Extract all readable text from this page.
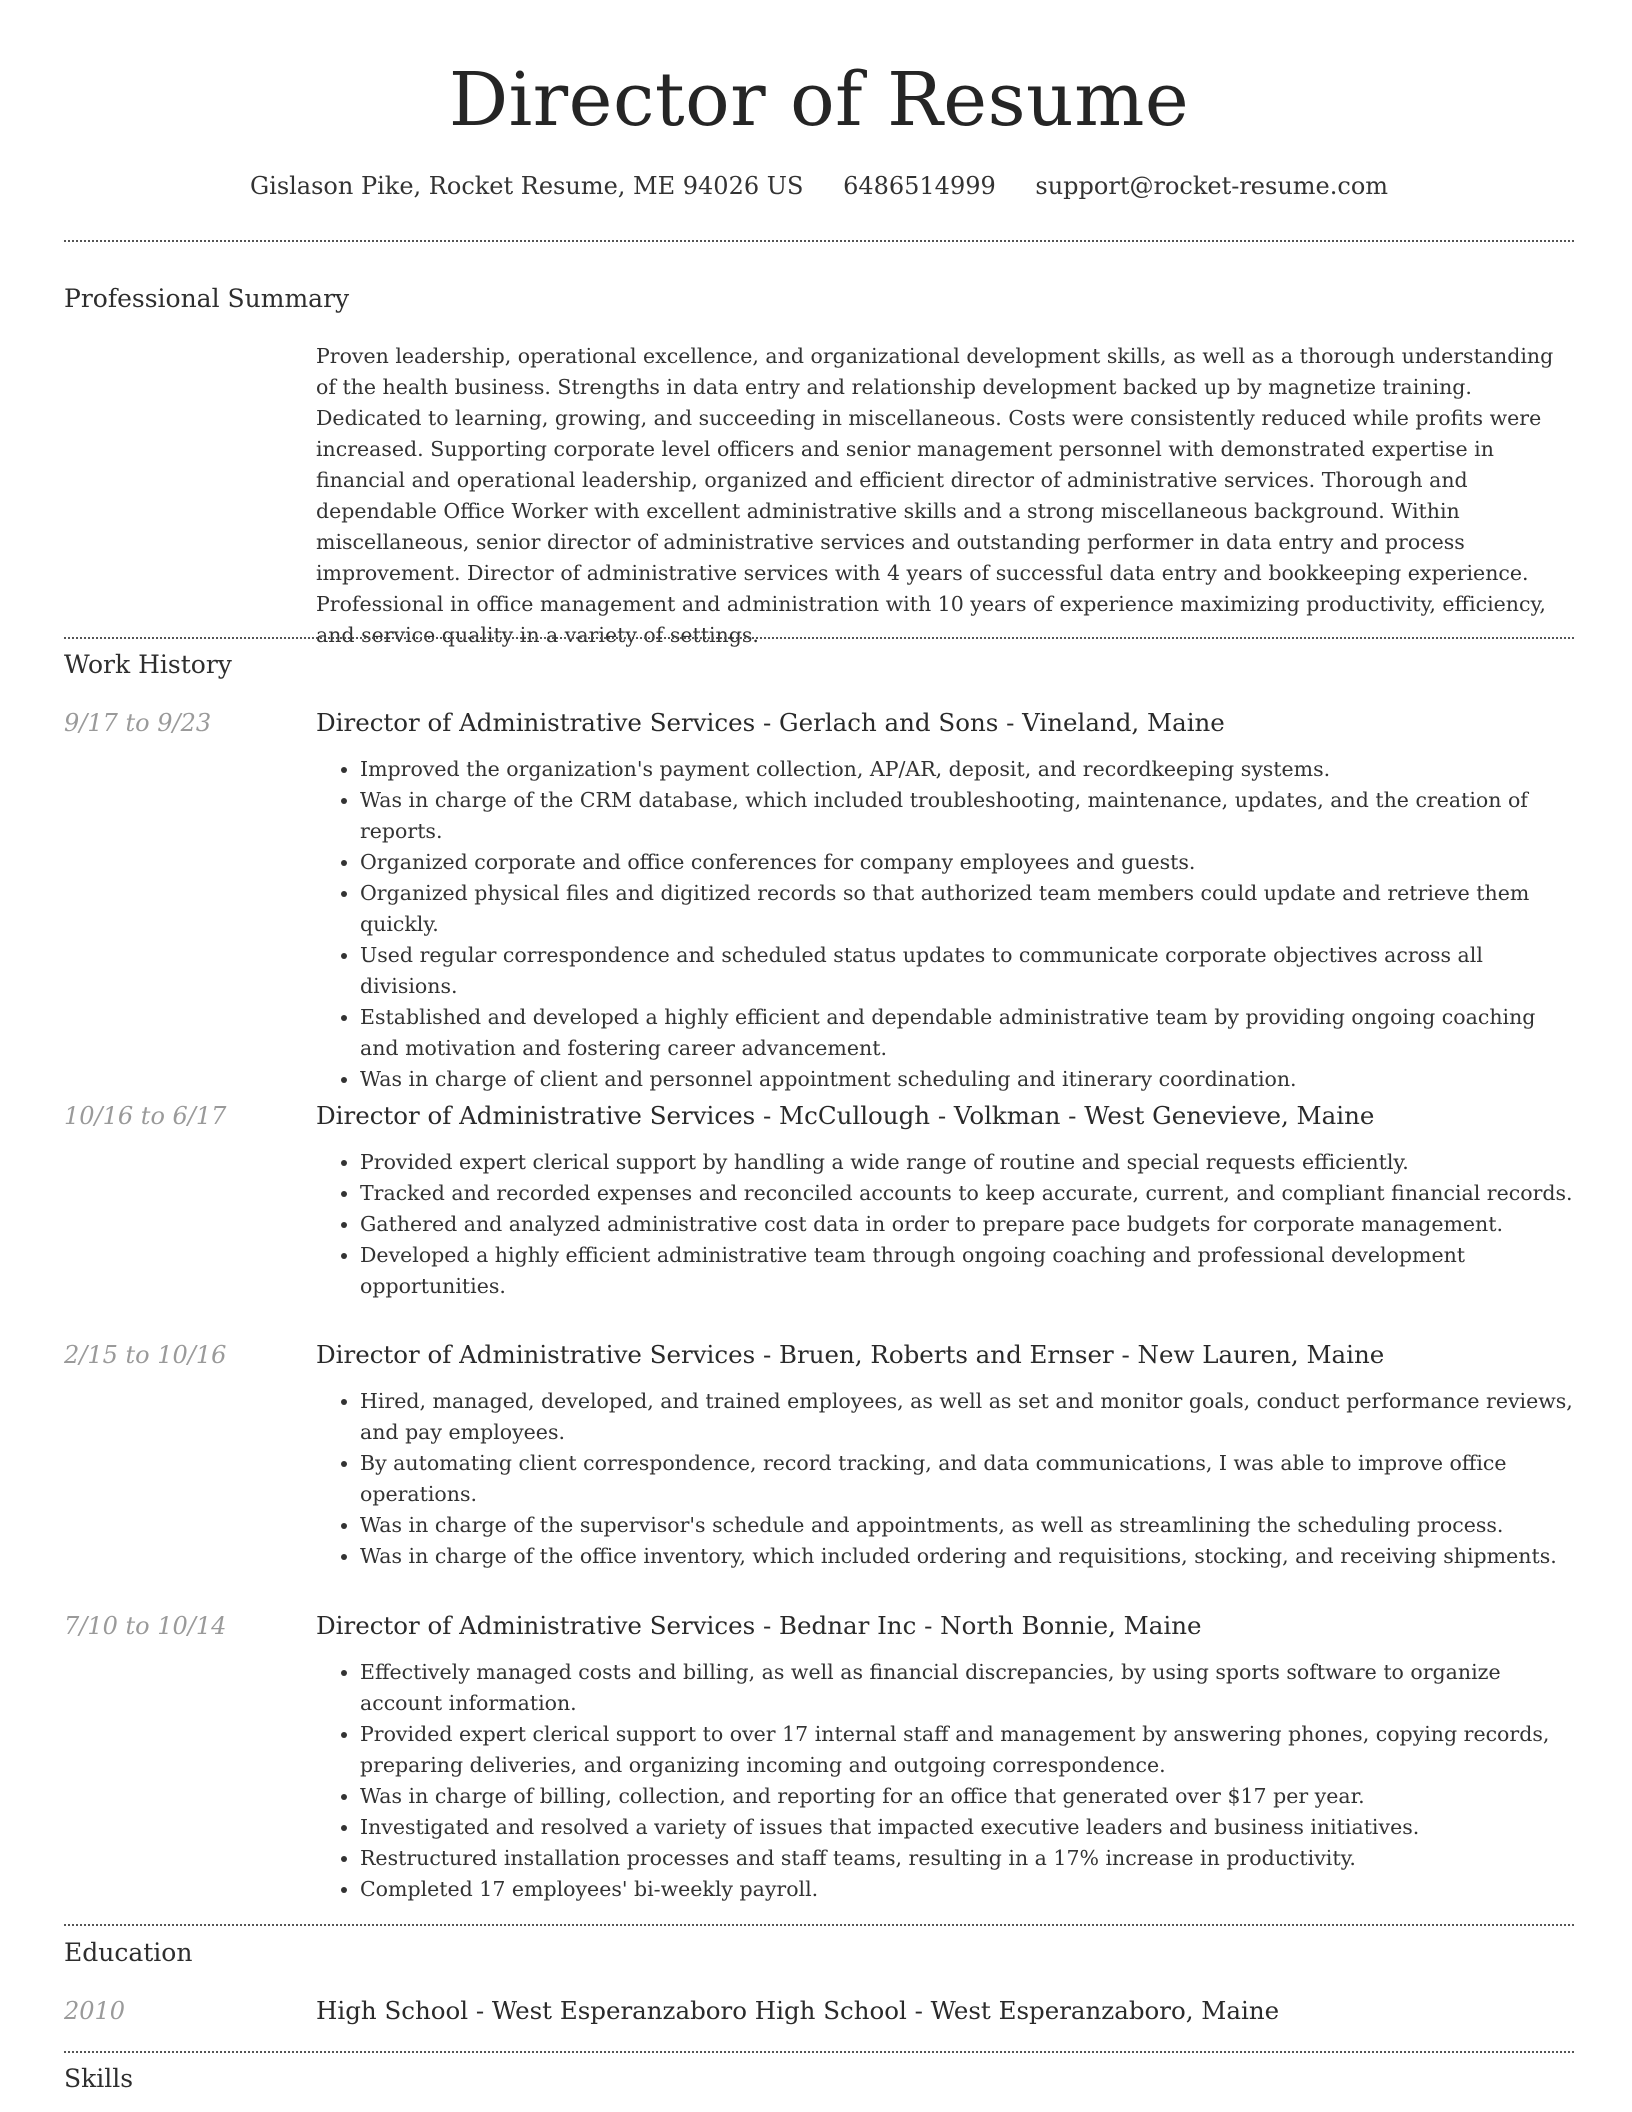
Director of Resume
Gislason Pike, Rocket Resume, ME 94026 US 6486514999 support@rocket-resume.com
Professional Summary
Proven leadership, operational excellence, and organizational development skills, as well as a thorough understanding of the health business. Strengths in data entry and relationship development backed up by magnetize training. Dedicated to learning, growing, and succeeding in miscellaneous. Costs were consistently reduced while profits were increased. Supporting corporate level officers and senior management personnel with demonstrated expertise in financial and operational leadership, organized and efficient director of administrative services. Thorough and dependable Office Worker with excellent administrative skills and a strong miscellaneous background. Within miscellaneous, senior director of administrative services and outstanding performer in data entry and process improvement. Director of administrative services with 4 years of successful data entry and bookkeeping experience. Professional in office management and administration with 10 years of experience maximizing productivity, efficiency, and service quality in a variety of settings.
Work History
9/17 to 9/23	Director of Administrative Services - Gerlach and Sons - Vineland, Maine
• Improved the organization's payment collection, AP/AR, deposit, and recordkeeping systems.
• Was in charge of the CRM database, which included troubleshooting, maintenance, updates, and the creation of reports.
• Organized corporate and office conferences for company employees and guests.
• Organized physical files and digitized records so that authorized team members could update and retrieve them quickly.
• Used regular correspondence and scheduled status updates to communicate corporate objectives across all divisions.
• Established and developed a highly efficient and dependable administrative team by providing ongoing coaching and motivation and fostering career advancement.
• Was in charge of client and personnel appointment scheduling and itinerary coordination.
10/16 to 6/17	Director of Administrative Services - McCullough - Volkman - West Genevieve, Maine
• Provided expert clerical support by handling a wide range of routine and special requests efficiently.
• Tracked and recorded expenses and reconciled accounts to keep accurate, current, and compliant financial records.
• Gathered and analyzed administrative cost data in order to prepare pace budgets for corporate management.
• Developed a highly efficient administrative team through ongoing coaching and professional development opportunities.
2/15 to 10/16	Director of Administrative Services - Bruen, Roberts and Ernser - New Lauren, Maine
• Hired, managed, developed, and trained employees, as well as set and monitor goals, conduct performance reviews, and pay employees.
• By automating client correspondence, record tracking, and data communications, I was able to improve office operations.
• Was in charge of the supervisor's schedule and appointments, as well as streamlining the scheduling process.
• Was in charge of the office inventory, which included ordering and requisitions, stocking, and receiving shipments.
7/10 to 10/14	Director of Administrative Services - Bednar Inc - North Bonnie, Maine
• Effectively managed costs and billing, as well as financial discrepancies, by using sports software to organize account information.
• Provided expert clerical support to over 17 internal staff and management by answering phones, copying records, preparing deliveries, and organizing incoming and outgoing correspondence.
• Was in charge of billing, collection, and reporting for an office that generated over $17 per year.
• Investigated and resolved a variety of issues that impacted executive leaders and business initiatives.
• Restructured installation processes and staff teams, resulting in a 17% increase in productivity.
• Completed 17 employees' bi-weekly payroll.
Education
2010	High School - West Esperanzaboro High School - West Esperanzaboro, Maine
Skills
